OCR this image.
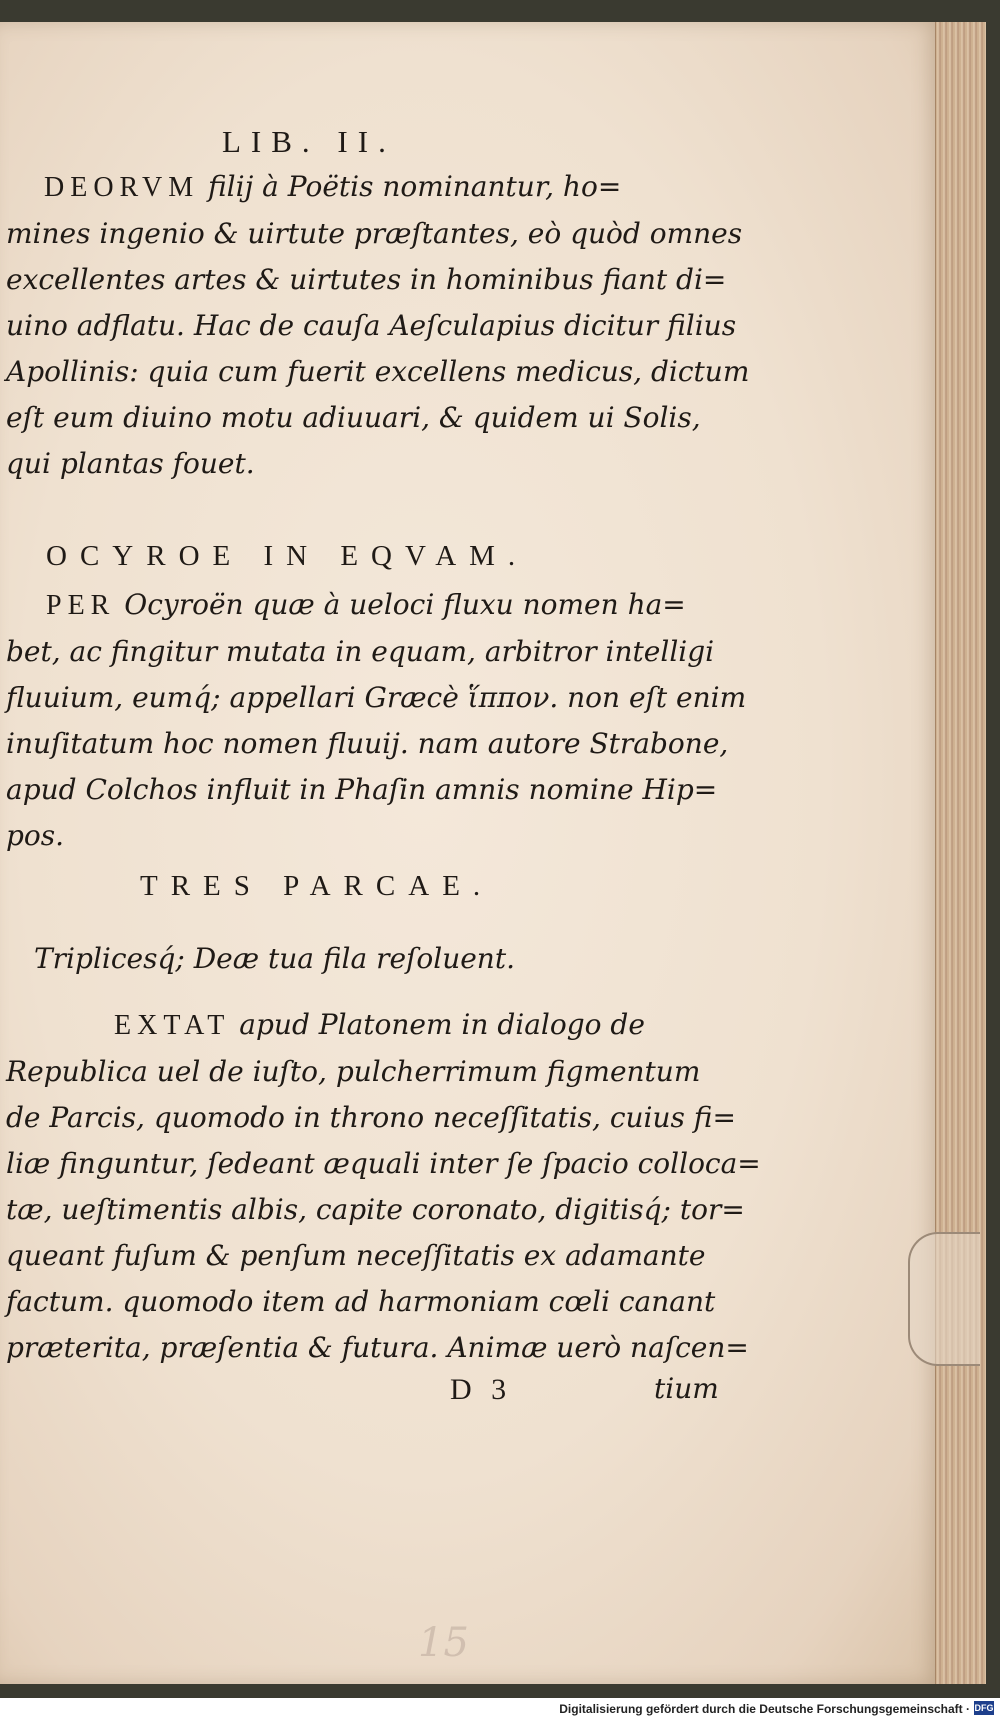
LIB. II.
DEORVM filij à Poëtis nominantur, ho=
mines ingenio & uirtute præſtantes, eò quòd omnes
excellentes artes & uirtutes in hominibus fiant di=
uino adflatu. Hac de cauſa Aeſculapius dicitur filius
Apollinis: quia cum fuerit excellens medicus, dictum
eſt eum diuino motu adiuuari, & quidem ui Solis,
qui plantas fouet.
OCYROE IN EQVAM.
PER Ocyroën quæ à ueloci fluxu nomen ha=
bet, ac fingitur mutata in equam, arbitror intelligi
fluuium, eumq́; appellari Græcè ἵππον. non eſt enim
inuſitatum hoc nomen fluuij. nam autore Strabone,
apud Colchos influit in Phaſin amnis nomine Hip=
pos.
TRES PARCAE.
Triplicesq́; Deæ tua fila reſoluent.
EXTAT apud Platonem in dialogo de
Republica uel de iuſto, pulcherrimum figmentum
de Parcis, quomodo in throno neceſſitatis, cuius fi=
liæ finguntur, ſedeant æquali inter ſe ſpacio colloca=
tæ, ueſtimentis albis, capite coronato, digitisq́; tor=
queant fuſum & penſum neceſſitatis ex adamante
factum. quomodo item ad harmoniam cœli canant
præterita, præſentia & futura. Animæ uerò naſcen=
D 3	tium
15
Digitalisierung gefördert durch die Deutsche Forschungsgemeinschaft · DFG
